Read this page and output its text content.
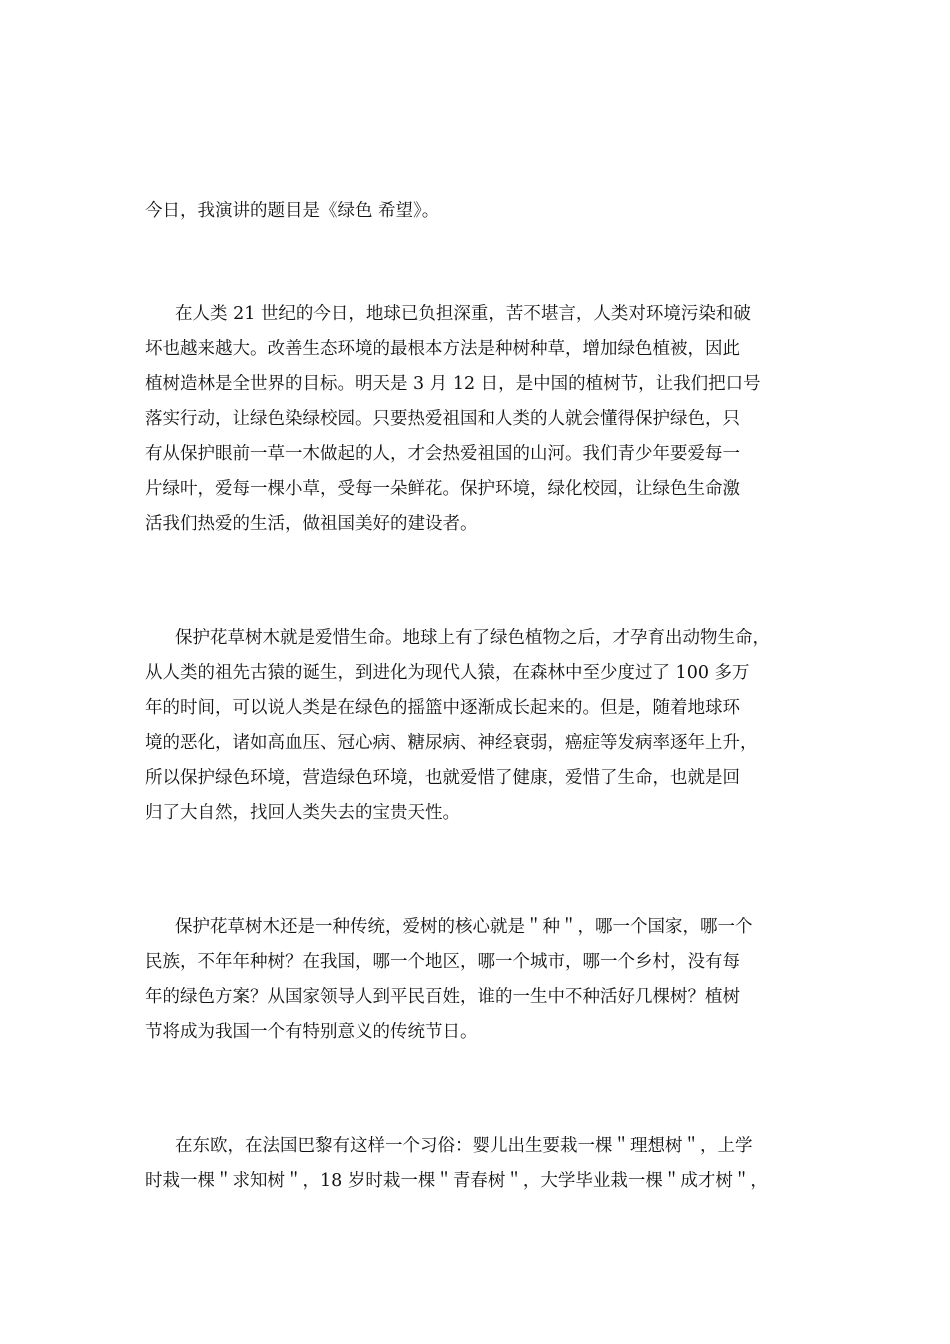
今日，我演讲的题目是《绿色 希望》。
在人类 21 世纪的今日，地球已负担深重，苦不堪言，人类对环境污染和破
坏也越来越大。改善生态环境的最根本方法是种树种草，增加绿色植被，因此
植树造林是全世界的目标。明天是 3 月 12 日，是中国的植树节，让我们把口号
落实行动，让绿色染绿校园。只要热爱祖国和人类的人就会懂得保护绿色，只
有从保护眼前一草一木做起的人，才会热爱祖国的山河。我们青少年要爱每一
片绿叶，爱每一棵小草，受每一朵鲜花。保护环境，绿化校园，让绿色生命激
活我们热爱的生活，做祖国美好的建设者。
保护花草树木就是爱惜生命。地球上有了绿色植物之后，才孕育出动物生命，
从人类的祖先古猿的诞生，到进化为现代人猿，在森林中至少度过了 100 多万
年的时间，可以说人类是在绿色的摇篮中逐渐成长起来的。但是，随着地球环
境的恶化，诸如高血压、冠心病、糖尿病、神经衰弱，癌症等发病率逐年上升，
所以保护绿色环境，营造绿色环境，也就爱惜了健康，爱惜了生命，也就是回
归了大自然，找回人类失去的宝贵天性。
保护花草树木还是一种传统，爱树的核心就是＂种＂，哪一个国家，哪一个
民族，不年年种树？在我国，哪一个地区，哪一个城市，哪一个乡村，没有每
年的绿色方案？从国家领导人到平民百姓，谁的一生中不种活好几棵树？植树
节将成为我国一个有特别意义的传统节日。
在东欧，在法国巴黎有这样一个习俗：婴儿出生要栽一棵＂理想树＂，上学
时栽一棵＂求知树＂，18 岁时栽一棵＂青春树＂，大学毕业栽一棵＂成才树＂，
